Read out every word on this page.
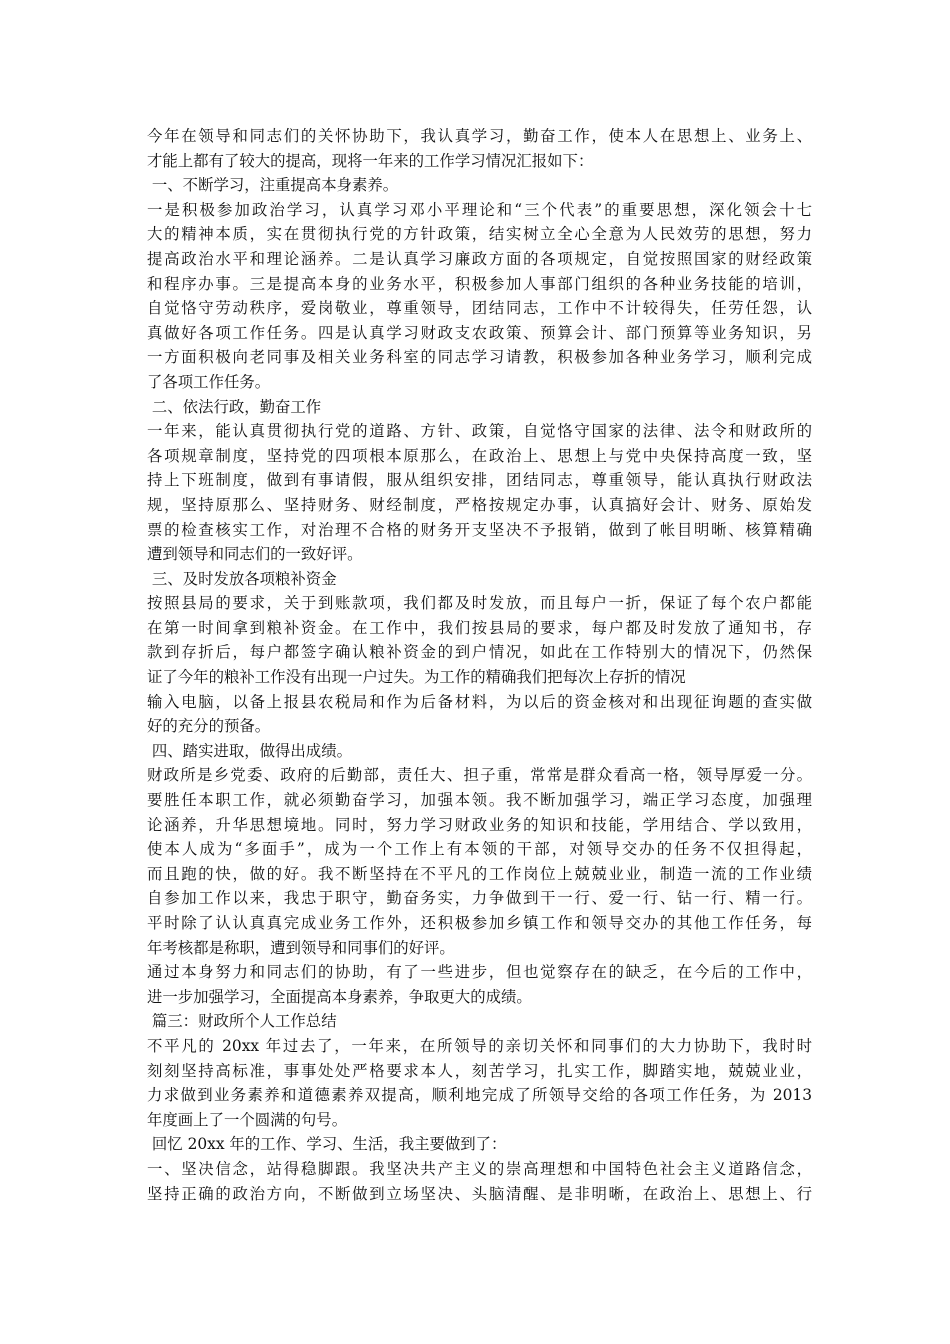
今年在领导和同志们的关怀协助下，我认真学习，勤奋工作，使本人在思想上、业务上、
才能上都有了较大的提高，现将一年来的工作学习情况汇报如下：
一、不断学习，注重提高本身素养。
一是积极参加政治学习，认真学习邓小平理论和“三个代表”的重要思想，深化领会十七
大的精神本质，实在贯彻执行党的方针政策，结实树立全心全意为人民效劳的思想，努力
提高政治水平和理论涵养。二是认真学习廉政方面的各项规定，自觉按照国家的财经政策
和程序办事。三是提高本身的业务水平，积极参加人事部门组织的各种业务技能的培训，
自觉恪守劳动秩序，爱岗敬业，尊重领导，团结同志，工作中不计较得失，任劳任怨，认
真做好各项工作任务。四是认真学习财政支农政策、预算会计、部门预算等业务知识，另
一方面积极向老同事及相关业务科室的同志学习请教，积极参加各种业务学习，顺利完成
了各项工作任务。
二、依法行政，勤奋工作
一年来，能认真贯彻执行党的道路、方针、政策，自觉恪守国家的法律、法令和财政所的
各项规章制度，坚持党的四项根本原那么，在政治上、思想上与党中央保持高度一致，坚
持上下班制度，做到有事请假，服从组织安排，团结同志，尊重领导，能认真执行财政法
规，坚持原那么、坚持财务、财经制度，严格按规定办事，认真搞好会计、财务、原始发
票的检查核实工作，对治理不合格的财务开支坚决不予报销，做到了帐目明晰、核算精确
遭到领导和同志们的一致好评。
三、及时发放各项粮补资金
按照县局的要求，关于到账款项，我们都及时发放，而且每户一折，保证了每个农户都能
在第一时间拿到粮补资金。在工作中，我们按县局的要求，每户都及时发放了通知书，存
款到存折后，每户都签字确认粮补资金的到户情况，如此在工作特别大的情况下，仍然保
证了今年的粮补工作没有出现一户过失。为工作的精确我们把每次上存折的情况
输入电脑，以备上报县农税局和作为后备材料，为以后的资金核对和出现征询题的查实做
好的充分的预备。
四、踏实进取，做得出成绩。
财政所是乡党委、政府的后勤部，责任大、担子重，常常是群众看高一格，领导厚爱一分。
要胜任本职工作，就必须勤奋学习，加强本领。我不断加强学习，端正学习态度，加强理
论涵养，升华思想境地。同时，努力学习财政业务的知识和技能，学用结合、学以致用，
使本人成为“多面手”，成为一个工作上有本领的干部，对领导交办的任务不仅担得起，
而且跑的快，做的好。我不断坚持在不平凡的工作岗位上兢兢业业，制造一流的工作业绩
自参加工作以来，我忠于职守，勤奋务实，力争做到干一行、爱一行、钻一行、精一行。
平时除了认认真真完成业务工作外，还积极参加乡镇工作和领导交办的其他工作任务，每
年考核都是称职，遭到领导和同事们的好评。
通过本身努力和同志们的协助，有了一些进步，但也觉察存在的缺乏，在今后的工作中，
进一步加强学习，全面提高本身素养，争取更大的成绩。
篇三：财政所个人工作总结
不平凡的 20xx 年过去了，一年来，在所领导的亲切关怀和同事们的大力协助下，我时时
刻刻坚持高标准，事事处处严格要求本人，刻苦学习，扎实工作，脚踏实地，兢兢业业，
力求做到业务素养和道德素养双提高，顺利地完成了所领导交给的各项工作任务，为 2013
年度画上了一个圆满的句号。
回忆 20xx 年的工作、学习、生活，我主要做到了：
一、坚决信念，站得稳脚跟。我坚决共产主义的崇高理想和中国特色社会主义道路信念，
坚持正确的政治方向，不断做到立场坚决、头脑清醒、是非明晰，在政治上、思想上、行
